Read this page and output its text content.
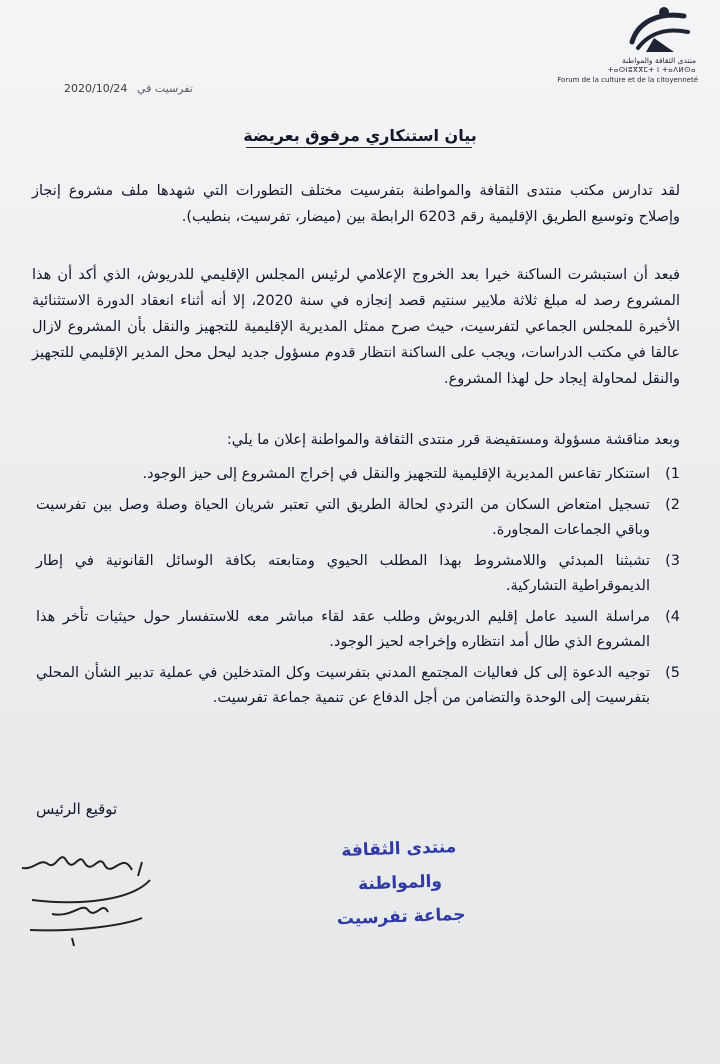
منتدى الثقافة والمواطنة
ⵜⴰⵙⵏⵓⴳⴳⵎⵜ ⵏ ⵜⴰⴷⵍⵙⴰ
Forum de la culture et de la citoyenneté
تفرسيت في 2020/10/24
بيان استنكاري مرفوق بعريضة
لقد تدارس مكتب منتدى الثقافة والمواطنة بتفرسيت مختلف التطورات التي شهدها ملف مشروع إنجاز وإصلاح وتوسيع الطريق الإقليمية رقم 6203 الرابطة بين (ميضار، تفرسيت، بنطيب).
فبعد أن استبشرت الساكنة خيرا بعد الخروج الإعلامي لرئيس المجلس الإقليمي للدريوش، الذي أكد أن هذا المشروع رصد له مبلغ ثلاثة ملايير سنتيم قصد إنجازه في سنة 2020، إلا أنه أثناء انعقاد الدورة الاستثنائية الأخيرة للمجلس الجماعي لتفرسيت، حيث صرح ممثل المديرية الإقليمية للتجهيز والنقل بأن المشروع لازال عالقا في مكتب الدراسات، ويجب على الساكنة انتظار قدوم مسؤول جديد ليحل محل المدير الإقليمي للتجهيز والنقل لمحاولة إيجاد حل لهذا المشروع.
وبعد مناقشة مسؤولة ومستفيضة قرر منتدى الثقافة والمواطنة إعلان ما يلي:
1)
استنكار تقاعس المديرية الإقليمية للتجهيز والنقل في إخراج المشروع إلى حيز الوجود.
2)
تسجيل امتعاض السكان من التردي لحالة الطريق التي تعتبر شريان الحياة وصلة وصل بين تفرسيت وباقي الجماعات المجاورة.
3)
تشبثنا المبدئي واللامشروط بهذا المطلب الحيوي ومتابعته بكافة الوسائل القانونية في إطار الديموقراطية التشاركية.
4)
مراسلة السيد عامل إقليم الدريوش وطلب عقد لقاء مباشر معه للاستفسار حول حيثيات تأخر هذا المشروع الذي طال أمد انتظاره وإخراجه لحيز الوجود.
5)
توجيه الدعوة إلى كل فعاليات المجتمع المدني بتفرسيت وكل المتدخلين في عملية تدبير الشأن المحلي بتفرسيت إلى الوحدة والتضامن من أجل الدفاع عن تنمية جماعة تفرسيت.
توقيع الرئيس
منتدى الثقافة والمواطنة
جماعة تفرسيت
